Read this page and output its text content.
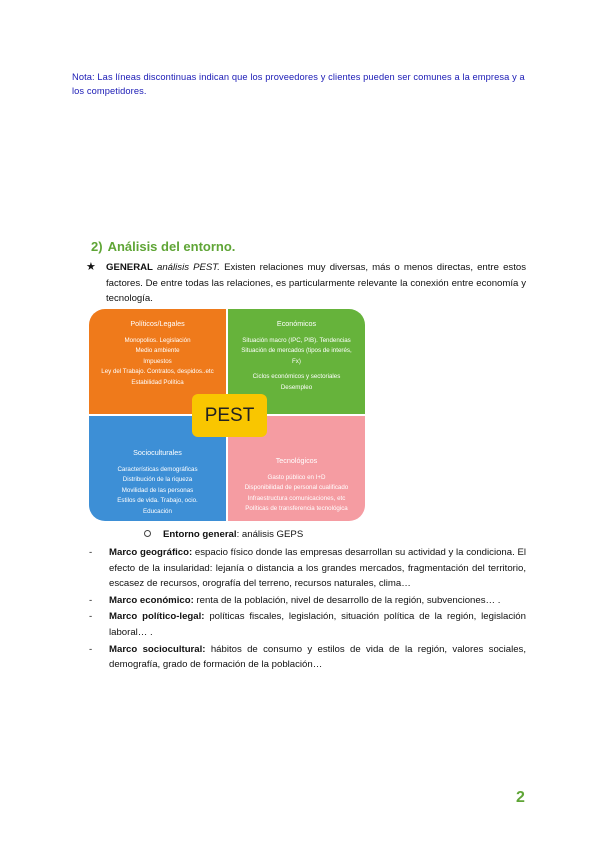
Nota: Las líneas discontinuas indican que los proveedores y clientes pueden ser comunes a la empresa y a los competidores.
2) Análisis del entorno.
★ GENERAL análisis PEST. Existen relaciones muy diversas, más o menos directas, entre estos factores. De entre todas las relaciones, es particularmente relevante la conexión entre economía y tecnología.
Políticos/Legales
Monopolios. Legislación
Medio ambiente
Impuestos
Ley del Trabajo. Contratos, despidos..etc
Estabilidad Política
Económicos
Situación macro (IPC, PIB). Tendencias
Situación de mercados (tipos de interés, Fx)
Ciclos económicos y sectoriales
Desempleo
Socioculturales
Características demográficas
Distribución de la riqueza
Movilidad de las personas
Estilos de vida. Trabajo, ocio.
Educación
Tecnológicos
Gasto público en I+D
Disponibilidad de personal cualificado
Infraestructura comunicaciones, etc
Políticas de transferencia tecnológica
PEST
Entorno general: análisis GEPS
- Marco geográfico: espacio físico donde las empresas desarrollan su actividad y la condiciona. El efecto de la insularidad: lejanía o distancia a los grandes mercados, fragmentación del territorio, escasez de recursos, orografía del terreno, recursos naturales, clima…
- Marco económico: renta de la población, nivel de desarrollo de la región, subvenciones… .
- Marco político-legal: políticas fiscales, legislación, situación política de la región, legislación laboral… .
- Marco sociocultural: hábitos de consumo y estilos de vida de la región, valores sociales, demografía, grado de formación de la población…
2
